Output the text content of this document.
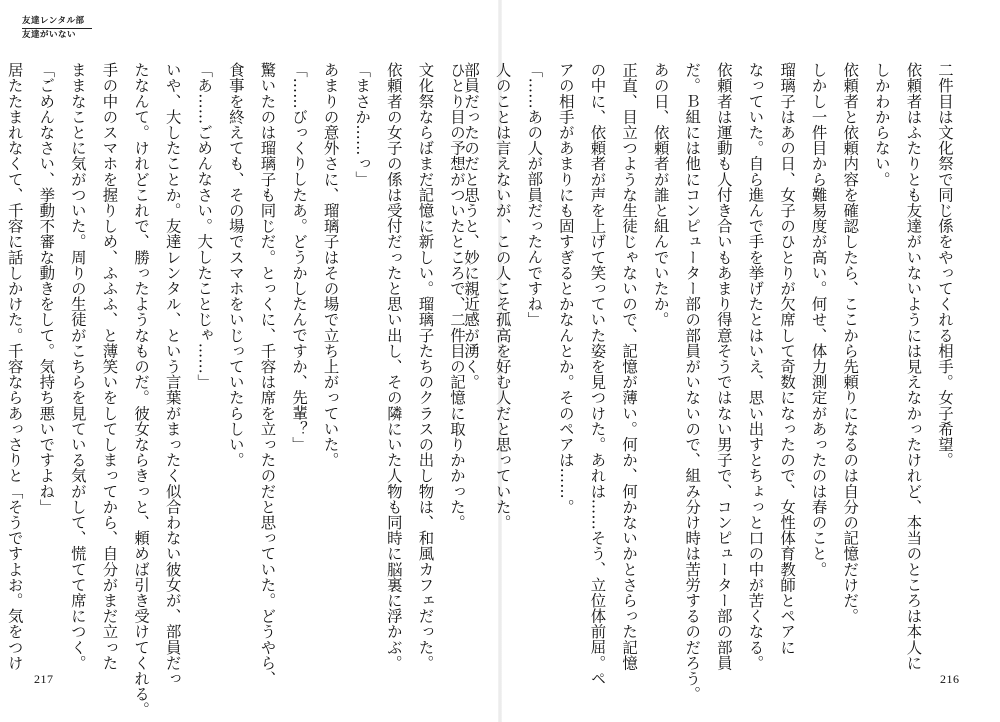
友達レンタル部
友達がいない

ひとり目の予想がついたところで、二件目の記憶に取りかかった。

文化祭ならばまだ記憶に新しい。瑠璃子たちのクラスの出し物は、和風カフェだった。

依頼者の女子の係は受付だったと思い出し、その隣にいた人物も同時に脳裏に浮かぶ。

「まさか……っ」

あまりの意外さに、瑠璃子はその場で立ち上がっていた。

「……びっくりしたあ。どうかしたんですか、先輩？」

驚いたのは瑠璃子も同じだ。とっくに、千容は席を立ったのだと思っていた。どうやら、

食事を終えても、その場でスマホをいじっていたらしい。

「あ……ごめんなさい。大したことじゃ……」

いや、大したことか。友達レンタル、という言葉がまったく似合わない彼女が、部員だっ

たなんて。けれどこれで、勝ったようなものだ。彼女ならきっと、頼めば引き受けてくれる。

手の中のスマホを握りしめ、ふふふ、と薄笑いをしてしまってから、自分がまだ立った

ままなことに気がついた。周りの生徒がこちらを見ている気がして、慌てて席につく。

「ごめんなさい、挙動不審な動きをして。気持ち悪いですよね」

居たたまれなくて、千容に話しかけた。千容ならあっさりと「そうですよお。気をつけ

217

二件目は文化祭で同じ係をやってくれる相手。女子希望。

依頼者はふたりとも友達がいないようには見えなかったけれど、本当のところは本人に

しかわからない。

依頼者と依頼内容を確認したら、ここから先頼りになるのは自分の記憶だけだ。

しかし一件目から難易度が高い。何せ、体力測定があったのは春のこと。

瑠璃子はあの日、女子のひとりが欠席して奇数になったので、女性体育教師とペアに

なっていた。自ら進んで手を挙げたとはいえ、思い出すとちょっと口の中が苦くなる。

依頼者は運動も人付き合いもあまり得意そうではない男子で、コンピューター部の部員

だ。Ｂ組には他にコンピューター部の部員がいないので、組み分け時は苦労するのだろう。

あの日、依頼者が誰と組んでいたか。

正直、目立つような生徒じゃないので、記憶が薄い。何か、何かないかとさらった記憶

の中に、依頼者が声を上げて笑っていた姿を見つけた。あれは……そう、立位体前屈。ペ

アの相手があまりにも固すぎるとかなんとか。そのペアは……。

「……あの人が部員だったんですね」

人のことは言えないが、この人こそ孤高を好む人だと思っていた。

部員だったのだと思うと、妙に親近感が湧く。

216
